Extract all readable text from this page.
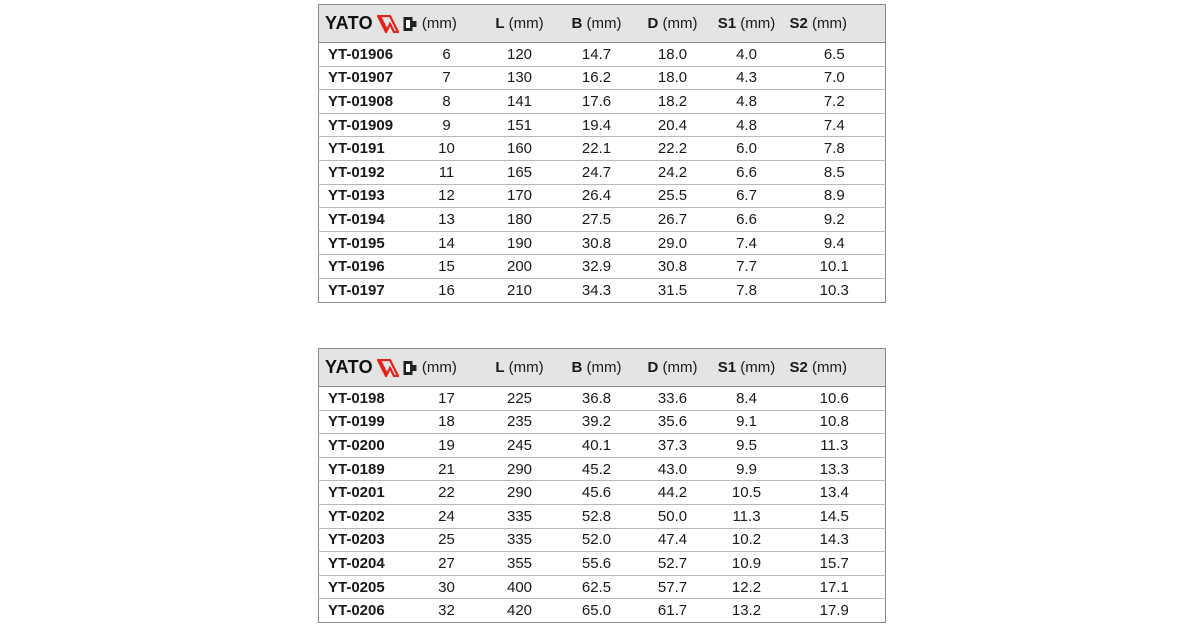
YATO (mm)		L (mm)	B (mm)	D (mm)	S1 (mm)	S2 (mm)
YT-01906	6	120	14.7	18.0	4.0	6.5
YT-01907	7	130	16.2	18.0	4.3	7.0
YT-01908	8	141	17.6	18.2	4.8	7.2
YT-01909	9	151	19.4	20.4	4.8	7.4
YT-0191	10	160	22.1	22.2	6.0	7.8
YT-0192	11	165	24.7	24.2	6.6	8.5
YT-0193	12	170	26.4	25.5	6.7	8.9
YT-0194	13	180	27.5	26.7	6.6	9.2
YT-0195	14	190	30.8	29.0	7.4	9.4
YT-0196	15	200	32.9	30.8	7.7	10.1
YT-0197	16	210	34.3	31.5	7.8	10.3
YATO (mm)		L (mm)	B (mm)	D (mm)	S1 (mm)	S2 (mm)
YT-0198	17	225	36.8	33.6	8.4	10.6
YT-0199	18	235	39.2	35.6	9.1	10.8
YT-0200	19	245	40.1	37.3	9.5	11.3
YT-0189	21	290	45.2	43.0	9.9	13.3
YT-0201	22	290	45.6	44.2	10.5	13.4
YT-0202	24	335	52.8	50.0	11.3	14.5
YT-0203	25	335	52.0	47.4	10.2	14.3
YT-0204	27	355	55.6	52.7	10.9	15.7
YT-0205	30	400	62.5	57.7	12.2	17.1
YT-0206	32	420	65.0	61.7	13.2	17.9
